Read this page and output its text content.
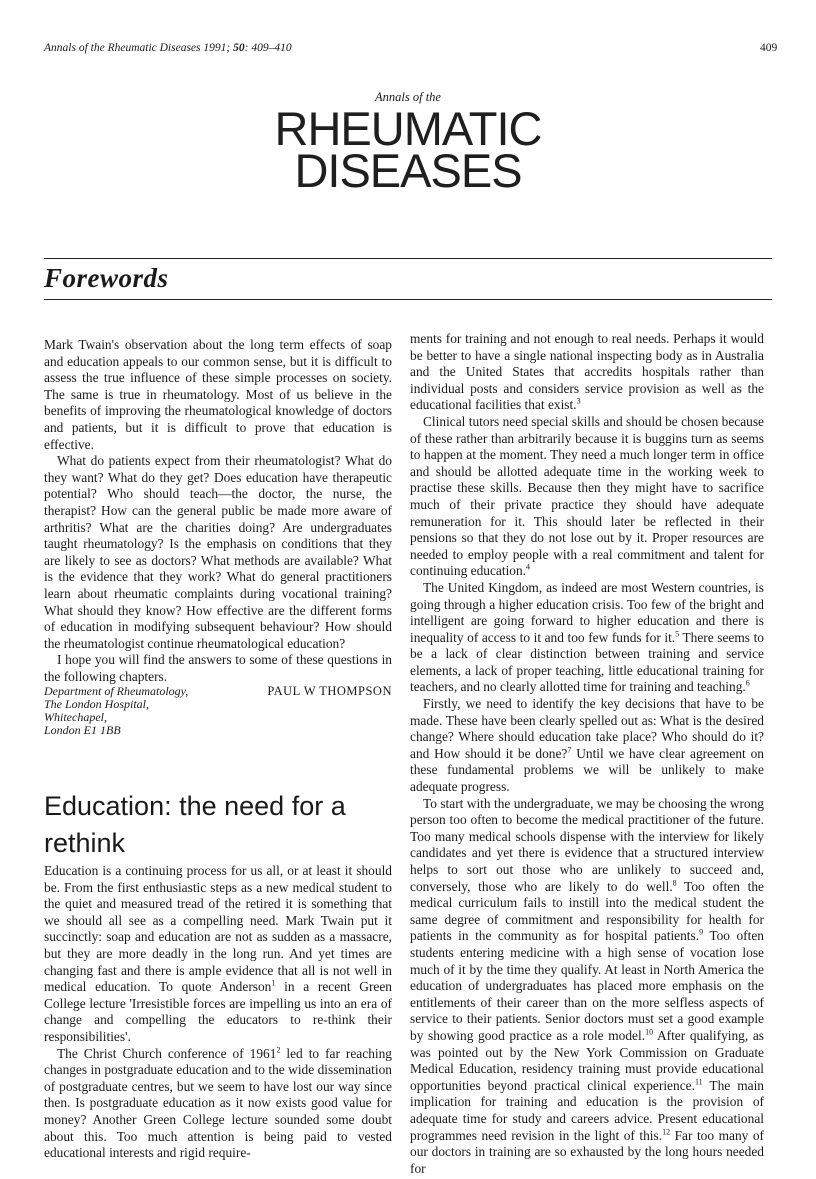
Annals of the Rheumatic Diseases 1991; 50: 409–410	409
Annals of the
RHEUMATIC
DISEASES
Forewords

Mark Twain's observation about the long term effects of soap and education appeals to our common sense, but it is difficult to assess the true influence of these simple processes on society. The same is true in rheumatology. Most of us believe in the benefits of improving the rheumatological knowledge of doctors and patients, but it is difficult to prove that education is effective.

What do patients expect from their rheumatologist? What do they want? What do they get? Does education have therapeutic potential? Who should teach—the doctor, the nurse, the therapist? How can the general public be made more aware of arthritis? What are the charities doing? Are undergraduates taught rheumatology? Is the emphasis on conditions that they are likely to see as doctors? What methods are available? What is the evidence that they work? What do general practitioners learn about rheumatic complaints during vocational training? What should they know? How effective are the different forms of education in modifying subsequent behaviour? How should the rheumatologist continue rheumatological education?

I hope you will find the answers to some of these questions in the following chapters.

Department of Rheumatology,
The London Hospital,
Whitechapel,
London E1 1BB
PAUL W THOMPSON
Education: the need for a rethink

Education is a continuing process for us all, or at least it should be. From the first enthusiastic steps as a new medical student to the quiet and measured tread of the retired it is something that we should all see as a compelling need. Mark Twain put it succinctly: soap and education are not as sudden as a massacre, but they are more deadly in the long run. And yet times are changing fast and there is ample evidence that all is not well in medical education. To quote Anderson$^1$ in a recent Green College lecture 'Irresistible forces are impelling us into an era of change and compelling the educators to re-think their responsibilities'.

The Christ Church conference of 1961$^2$ led to far reaching changes in postgraduate education and to the wide dissemination of postgraduate centres, but we seem to have lost our way since then. Is postgraduate education as it now exists good value for money? Another Green College lecture sounded some doubt about this. Too much attention is being paid to vested educational interests and rigid require-

ments for training and not enough to real needs. Perhaps it would be better to have a single national inspecting body as in Australia and the United States that accredits hospitals rather than individual posts and considers service provision as well as the educational facilities that exist.$^3$

Clinical tutors need special skills and should be chosen because of these rather than arbitrarily because it is buggins turn as seems to happen at the moment. They need a much longer term in office and should be allotted adequate time in the working week to practise these skills. Because then they might have to sacrifice much of their private practice they should have adequate remuneration for it. This should later be reflected in their pensions so that they do not lose out by it. Proper resources are needed to employ people with a real commitment and talent for continuing education.$^4$

The United Kingdom, as indeed are most Western countries, is going through a higher education crisis. Too few of the bright and intelligent are going forward to higher education and there is inequality of access to it and too few funds for it.$^5$ There seems to be a lack of clear distinction between training and service elements, a lack of proper teaching, little educational training for teachers, and no clearly allotted time for training and teaching.$^6$

Firstly, we need to identify the key decisions that have to be made. These have been clearly spelled out as: What is the desired change? Where should education take place? Who should do it? and How should it be done?$^7$ Until we have clear agreement on these fundamental problems we will be unlikely to make adequate progress.

To start with the undergraduate, we may be choosing the wrong person too often to become the medical practitioner of the future. Too many medical schools dispense with the interview for likely candidates and yet there is evidence that a structured interview helps to sort out those who are unlikely to succeed and, conversely, those who are likely to do well.$^8$ Too often the medical curriculum fails to instill into the medical student the same degree of commitment and responsibility for health for patients in the community as for hospital patients.$^9$ Too often students entering medicine with a high sense of vocation lose much of it by the time they qualify. At least in North America the education of undergraduates has placed more emphasis on the entitlements of their career than on the more selfless aspects of service to their patients. Senior doctors must set a good example by showing good practice as a role model.$^{10}$ After qualifying, as was pointed out by the New York Commission on Graduate Medical Education, residency training must provide educational opportunities beyond practical clinical experience.$^{11}$ The main implication for training and education is the provision of adequate time for study and careers advice. Present educational programmes need revision in the light of this.$^{12}$ Far too many of our doctors in training are so exhausted by the long hours needed for
